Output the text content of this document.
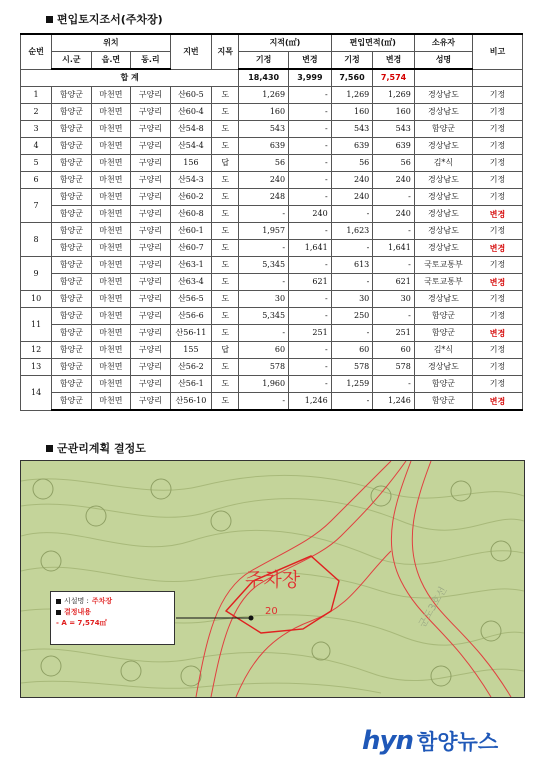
편입토지조서(주차장)
순번	위치			지번	지목	지적(㎡)		편입면적(㎡)		소유자	비고
	시.군	읍.면	동.리			기정	변경	기정	변경	성명	
합 계						18,430	3,999	7,560	7,574		
1	함양군	마천면	구양리	산60-5	도	1,269	-	1,269	1,269	경상남도	기정
2	함양군	마천면	구양리	산60-4	도	160	-	160	160	경상남도	기정
3	함양군	마천면	구양리	산54-8	도	543	-	543	543	함양군	기정
4	함양군	마천면	구양리	산54-4	도	639	-	639	639	경상남도	기정
5	함양군	마천면	구양리	156	답	56	-	56	56	김*식	기정
6	함양군	마천면	구양리	산54-3	도	240	-	240	240	경상남도	기정
7	함양군	마천면	구양리	산60-2	도	248	-	240	-	경상남도	기정
	함양군	마천면	구양리	산60-8	도	-	240	-	240	경상남도	변경
8	함양군	마천면	구양리	산60-1	도	1,957	-	1,623	-	경상남도	기정
	함양군	마천면	구양리	산60-7	도	-	1,641	-	1,641	경상남도	변경
9	함양군	마천면	구양리	산63-1	도	5,345	-	613	-	국토교통부	기정
	함양군	마천면	구양리	산63-4	도	-	621	-	621	국토교통부	변경
10	함양군	마천면	구양리	산56-5	도	30	-	30	30	경상남도	기정
11	함양군	마천면	구양리	산56-6	도	5,345	-	250	-	함양군	기정
	함양군	마천면	구양리	산56-11	도	-	251	-	251	함양군	변경
12	함양군	마천면	구양리	155	답	60	-	60	60	김*식	기정
13	함양군	마천면	구양리	산56-2	도	578	-	578	578	경상남도	기정
14	함양군	마천면	구양리	산56-1	도	1,960	-	1,259	-	함양군	기정
	함양군	마천면	구양리	산56-10	도	-	1,246	-	1,246	함양군	변경
군관리계획 결정도
주차장
20	군도3호선
시설명 : 주차장
결정내용
- A = 7,574㎡
hyn 함양뉴스
